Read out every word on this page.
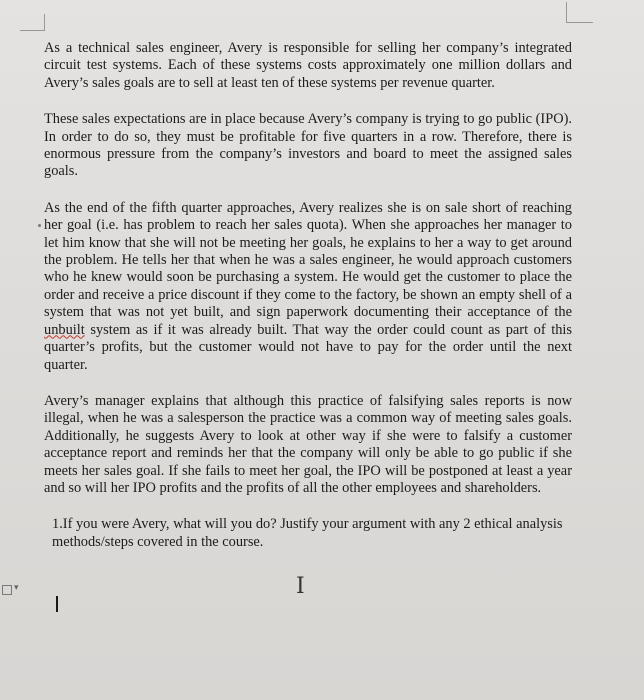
As a technical sales engineer, Avery is responsible for selling her company’s integrated circuit test systems. Each of these systems costs approximately one million dollars and Avery’s sales goals are to sell at least ten of these systems per revenue quarter.

These sales expectations are in place because Avery’s company is trying to go public (IPO). In order to do so, they must be profitable for five quarters in a row. Therefore, there is enormous pressure from the company’s investors and board to meet the assigned sales goals.

As the end of the fifth quarter approaches, Avery realizes she is on sale short of reaching her goal (i.e. has problem to reach her sales quota). When she approaches her manager to let him know that she will not be meeting her goals, he explains to her a way to get around the problem. He tells her that when he was a sales engineer, he would approach customers who he knew would soon be purchasing a system. He would get the customer to place the order and receive a price discount if they come to the factory, be shown an empty shell of a system that was not yet built, and sign paperwork documenting their acceptance of the unbuilt system as if it was already built. That way the order could count as part of this quarter’s profits, but the customer would not have to pay for the order until the next quarter.

Avery’s manager explains that although this practice of falsifying sales reports is now illegal, when he was a salesperson the practice was a common way of meeting sales goals. Additionally, he suggests Avery to look at other way if she were to falsify a customer acceptance report and reminds her that the company will only be able to go public if she meets her sales goal. If she fails to meet her goal, the IPO will be postponed at least a year and so will her IPO profits and the profits of all the other employees and shareholders.

1.If you were Avery, what will you do? Justify your argument with any 2 ethical analysis methods/steps covered in the course.

I
▾
